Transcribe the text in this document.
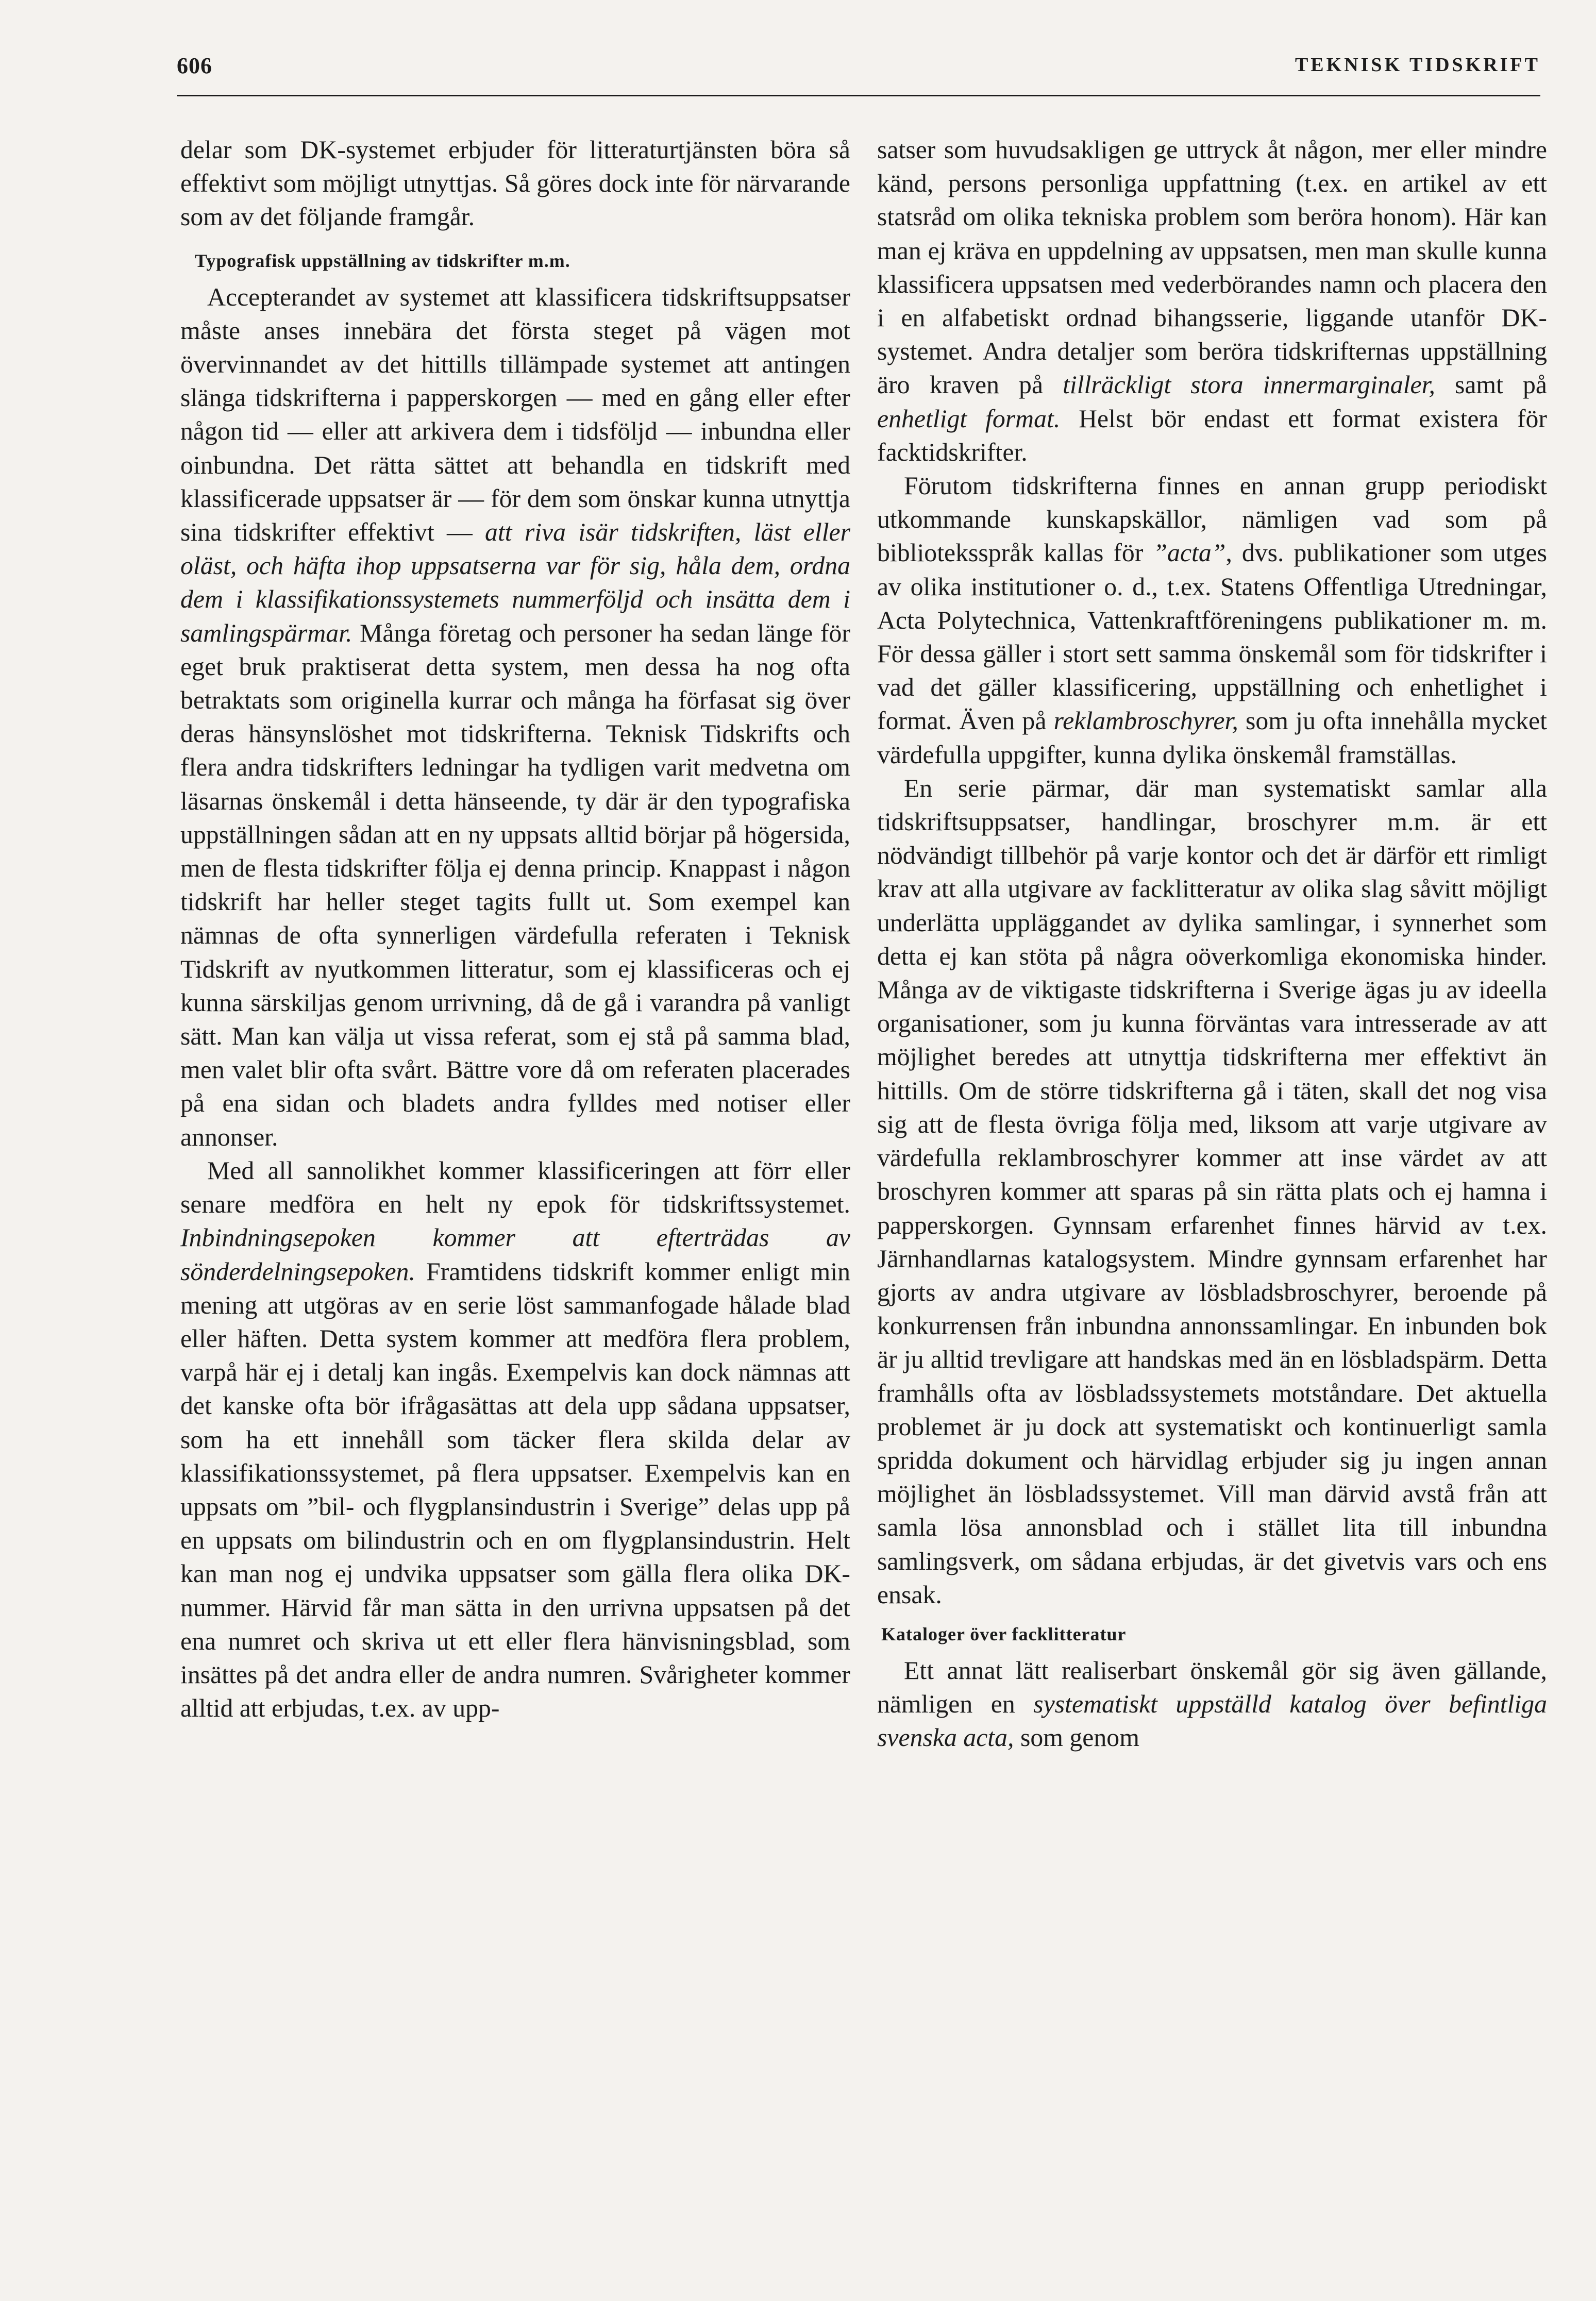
606	TEKNISK TIDSKRIFT

delar som DK-systemet erbjuder för litteraturtjänsten böra så effektivt som möjligt utnyttjas. Så göres dock inte för närvarande som av det följande framgår.

Typografisk uppställning av tidskrifter m.m.

Accepterandet av systemet att klassificera tidskriftsuppsatser måste anses innebära det första steget på vägen mot övervinnandet av det hittills tillämpade systemet att antingen slänga tidskrifterna i papperskorgen — med en gång eller efter någon tid — eller att arkivera dem i tidsföljd — inbundna eller oinbundna. Det rätta sättet att behandla en tidskrift med klassificerade uppsatser är — för dem som önskar kunna utnyttja sina tidskrifter effektivt — att riva isär tidskriften, läst eller oläst, och häfta ihop uppsatserna var för sig, håla dem, ordna dem i klassifikationssystemets nummerföljd och insätta dem i samlingspärmar. Många företag och personer ha sedan länge för eget bruk praktiserat detta system, men dessa ha nog ofta betraktats som originella kurrar och många ha förfasat sig över deras hänsynslöshet mot tidskrifterna. Teknisk Tidskrifts och flera andra tidskrifters ledningar ha tydligen varit medvetna om läsarnas önskemål i detta hänseende, ty där är den typografiska uppställningen sådan att en ny uppsats alltid börjar på högersida, men de flesta tidskrifter följa ej denna princip. Knappast i någon tidskrift har heller steget tagits fullt ut. Som exempel kan nämnas de ofta synnerligen värdefulla referaten i Teknisk Tidskrift av nyutkommen litteratur, som ej klassificeras och ej kunna särskiljas genom urrivning, då de gå i varandra på vanligt sätt. Man kan välja ut vissa referat, som ej stå på samma blad, men valet blir ofta svårt. Bättre vore då om referaten placerades på ena sidan och bladets andra fylldes med notiser eller annonser.

Med all sannolikhet kommer klassificeringen att förr eller senare medföra en helt ny epok för tidskriftssystemet. Inbindningsepoken kommer att efterträdas av sönderdelningsepoken. Framtidens tidskrift kommer enligt min mening att utgöras av en serie löst sammanfogade hålade blad eller häften. Detta system kommer att medföra flera problem, varpå här ej i detalj kan ingås. Exempelvis kan dock nämnas att det kanske ofta bör ifrågasättas att dela upp sådana uppsatser, som ha ett innehåll som täcker flera skilda delar av klassifikationssystemet, på flera uppsatser. Exempelvis kan en uppsats om ”bil- och flygplansindustrin i Sverige” delas upp på en uppsats om bilindustrin och en om flygplansindustrin. Helt kan man nog ej undvika uppsatser som gälla flera olika DK-nummer. Härvid får man sätta in den urrivna uppsatsen på det ena numret och skriva ut ett eller flera hänvisningsblad, som insättes på det andra eller de andra numren. Svårigheter kommer alltid att erbjudas, t.ex. av upp-

satser som huvudsakligen ge uttryck åt någon, mer eller mindre känd, persons personliga uppfattning (t.ex. en artikel av ett statsråd om olika tekniska problem som beröra honom). Här kan man ej kräva en uppdelning av uppsatsen, men man skulle kunna klassificera uppsatsen med vederbörandes namn och placera den i en alfabetiskt ordnad bihangsserie, liggande utanför DK-systemet. Andra detaljer som beröra tidskrifternas uppställning äro kraven på tillräckligt stora innermarginaler, samt på enhetligt format. Helst bör endast ett format existera för facktidskrifter.

Förutom tidskrifterna finnes en annan grupp periodiskt utkommande kunskapskällor, nämligen vad som på biblioteksspråk kallas för ”acta”, dvs. publikationer som utges av olika institutioner o. d., t.ex. Statens Offentliga Utredningar, Acta Polytechnica, Vattenkraftföreningens publikationer m. m. För dessa gäller i stort sett samma önskemål som för tidskrifter i vad det gäller klassificering, uppställning och enhetlighet i format. Även på reklambroschyrer, som ju ofta innehålla mycket värdefulla uppgifter, kunna dylika önskemål framställas.

En serie pärmar, där man systematiskt samlar alla tidskriftsuppsatser, handlingar, broschyrer m.m. är ett nödvändigt tillbehör på varje kontor och det är därför ett rimligt krav att alla utgivare av facklitteratur av olika slag såvitt möjligt underlätta uppläggandet av dylika samlingar, i synnerhet som detta ej kan stöta på några oöverkomliga ekonomiska hinder. Många av de viktigaste tidskrifterna i Sverige ägas ju av ideella organisationer, som ju kunna förväntas vara intresserade av att möjlighet beredes att utnyttja tidskrifterna mer effektivt än hittills. Om de större tidskrifterna gå i täten, skall det nog visa sig att de flesta övriga följa med, liksom att varje utgivare av värdefulla reklambroschyrer kommer att inse värdet av att broschyren kommer att sparas på sin rätta plats och ej hamna i papperskorgen. Gynnsam erfarenhet finnes härvid av t.ex. Järnhandlarnas katalogsystem. Mindre gynnsam erfarenhet har gjorts av andra utgivare av lösbladsbroschyrer, beroende på konkurrensen från inbundna annonssamlingar. En inbunden bok är ju alltid trevligare att handskas med än en lösbladspärm. Detta framhålls ofta av lösbladssystemets motståndare. Det aktuella problemet är ju dock att systematiskt och kontinuerligt samla spridda dokument och härvidlag erbjuder sig ju ingen annan möjlighet än lösbladssystemet. Vill man därvid avstå från att samla lösa annonsblad och i stället lita till inbundna samlingsverk, om sådana erbjudas, är det givetvis vars och ens ensak.

Kataloger över facklitteratur

Ett annat lätt realiserbart önskemål gör sig även gällande, nämligen en systematiskt uppställd katalog över befintliga svenska acta, som genom
